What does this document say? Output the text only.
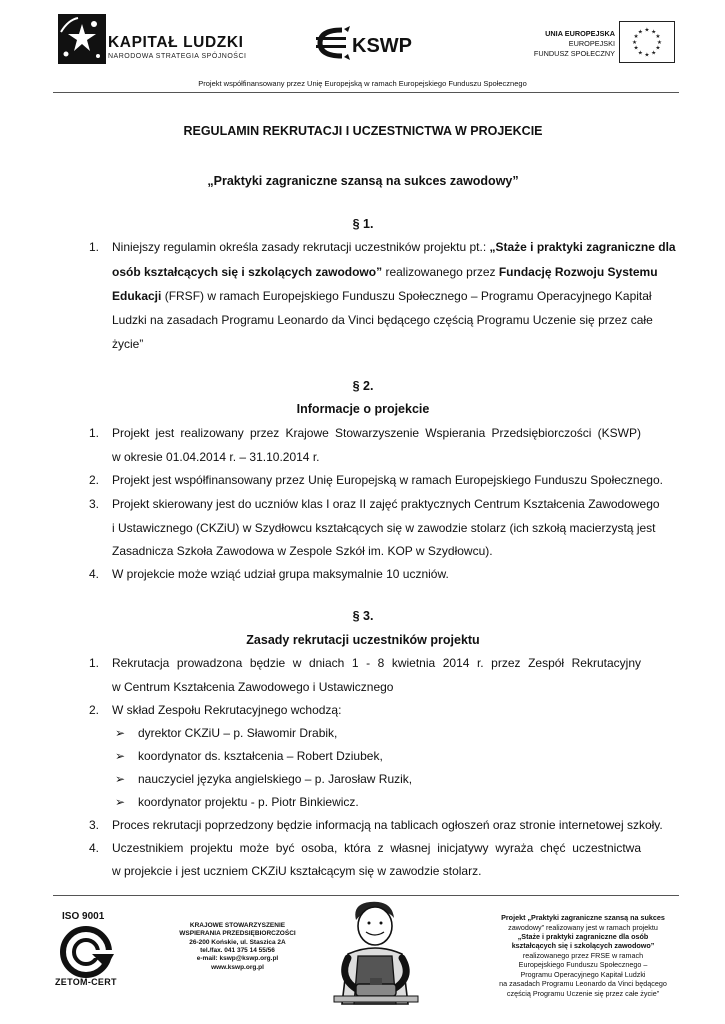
KAPITAŁ LUDZKI
NARODOWA STRATEGIA SPÓJNOŚCI	KSWP
UNIA EUROPEJSKA
EUROPEJSKI
FUNDUSZ SPOŁECZNY
★ ★
★
★
★
★
★
★
★
★
★
★
Projekt współfinansowany przez Unię Europejską w ramach Europejskiego Funduszu Społecznego
REGULAMIN REKRUTACJI I UCZESTNICTWA W PROJEKCIE
„Praktyki zagraniczne szansą na sukces zawodowy”
§ 1.
1. Niniejszy regulamin określa zasady rekrutacji uczestników projektu pt.: „Staże i praktyki zagraniczne dla
osób kształcących się i szkolących zawodowo” realizowanego przez Fundację Rozwoju Systemu
Edukacji (FRSF) w ramach Europejskiego Funduszu Społecznego – Programu Operacyjnego Kapitał
Ludzki na zasadach Programu Leonardo da Vinci będącego częścią Programu Uczenie się przez całe
życie”
§ 2.
Informacje o projekcie
1. Projekt jest realizowany przez Krajowe Stowarzyszenie Wspierania Przedsiębiorczości (KSWP)
w okresie 01.04.2014 r. – 31.10.2014 r.
2. Projekt jest współfinansowany przez Unię Europejską w ramach Europejskiego Funduszu Społecznego.
3. Projekt skierowany jest do uczniów klas I oraz II zajęć praktycznych Centrum Kształcenia Zawodowego
i Ustawicznego (CKZiU) w Szydłowcu kształcących się w zawodzie stolarz (ich szkołą macierzystą jest
Zasadnicza Szkoła Zawodowa w Zespole Szkół im. KOP w Szydłowcu).
4. W projekcie może wziąć udział grupa maksymalnie 10 uczniów.
§ 3.
Zasady rekrutacji uczestników projektu
1. Rekrutacja prowadzona będzie w dniach 1 - 8 kwietnia 2014 r. przez Zespół Rekrutacyjny
w Centrum Kształcenia Zawodowego i Ustawicznego
2. W skład Zespołu Rekrutacyjnego wchodzą:
➢ dyrektor CKZiU – p. Sławomir Drabik,
➢ koordynator ds. kształcenia – Robert Dziubek,
➢ nauczyciel języka angielskiego – p. Jarosław Ruzik,
➢ koordynator projektu - p. Piotr Binkiewicz.
3. Proces rekrutacji poprzedzony będzie informacją na tablicach ogłoszeń oraz stronie internetowej szkoły.
4. Uczestnikiem projektu może być osoba, która z własnej inicjatywy wyraża chęć uczestnictwa
w projekcie i jest uczniem CKZiU kształcącym się w zawodzie stolarz.
ISO 9001
ZETOM-CERT
KRAJOWE STOWARZYSZENIE
WSPIERANIA PRZEDSIĘBIORCZOŚCI
26-200 Końskie, ul. Staszica 2A
tel./fax. 041 375 14 55/56
e-mail: kswp@kswp.org.pl
www.kswp.org.pl
Projekt „Praktyki zagraniczne szansą na sukces
zawodowy” realizowany jest w ramach projektu
„Staże i praktyki zagraniczne dla osób
kształcących się i szkolących zawodowo”
realizowanego przez FRSE w ramach
Europejskiego Funduszu Społecznego –
Programu Operacyjnego Kapitał Ludzki
na zasadach Programu Leonardo da Vinci będącego
częścią Programu Uczenie się przez całe życie”
